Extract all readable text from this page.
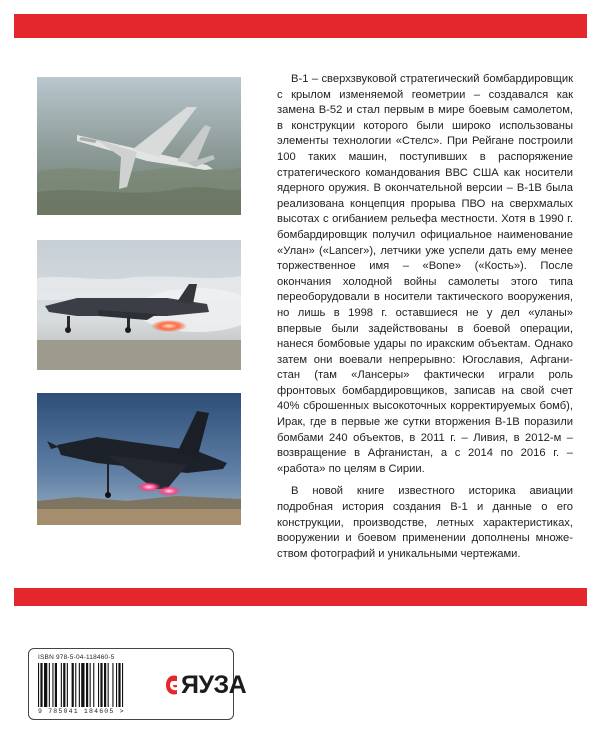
B-1 – сверхзвуковой стратегический бомбардировщик с крылом изменяемой геометрии – создавался как замена B-52 и стал первым в мире боевым самолетом, в конструкции которого были широко использованы элементы технологии «Стелс». При Рейгане построили 100 таких машин, поступивших в распоряжение стратегического командования ВВС США как носители ядерного оружия. В окончательной версии – B-1B была реализована концепция прорыва ПВО на сверхмалых высотах с огибанием рельефа местности. Хотя в 1990 г. бомбардировщик получил официальное наименование «Улан» («Lancer»), летчики уже успели дать ему менее торжественное имя – «Bone» («Кость»). После окончания холодной войны самолеты этого типа переоборудовали в носители тактического вооружения, но лишь в 1998 г. оставшиеся не у дел «уланы» впервые были задействованы в боевой операции, нанеся бомбовые удары по иракским объектам. Однако затем они воевали непрерывно: Югославия, Афганистан (там «Лансеры» фактически играли роль фронтовых бомбардировщиков, записав на свой счет 40% сброшенных высокоточных корректируемых бомб), Ирак, где в первые же сутки вторжения B-1B поразили бомбами 240 объектов, в 2011 г. – Ливия, в 2012-м – возвращение в Афганистан, а с 2014 по 2016 г. – «работа» по целям в Сирии.

В новой книге известного историка авиации подробная история создания B-1 и данные о его конструкции, производстве, летных характеристиках, вооружении и боевом применении дополнены множеством фотографий и уникальными чертежами.

ISBN 978-5-04-118460-5
9 785041 184605 >
ЯУЗА
